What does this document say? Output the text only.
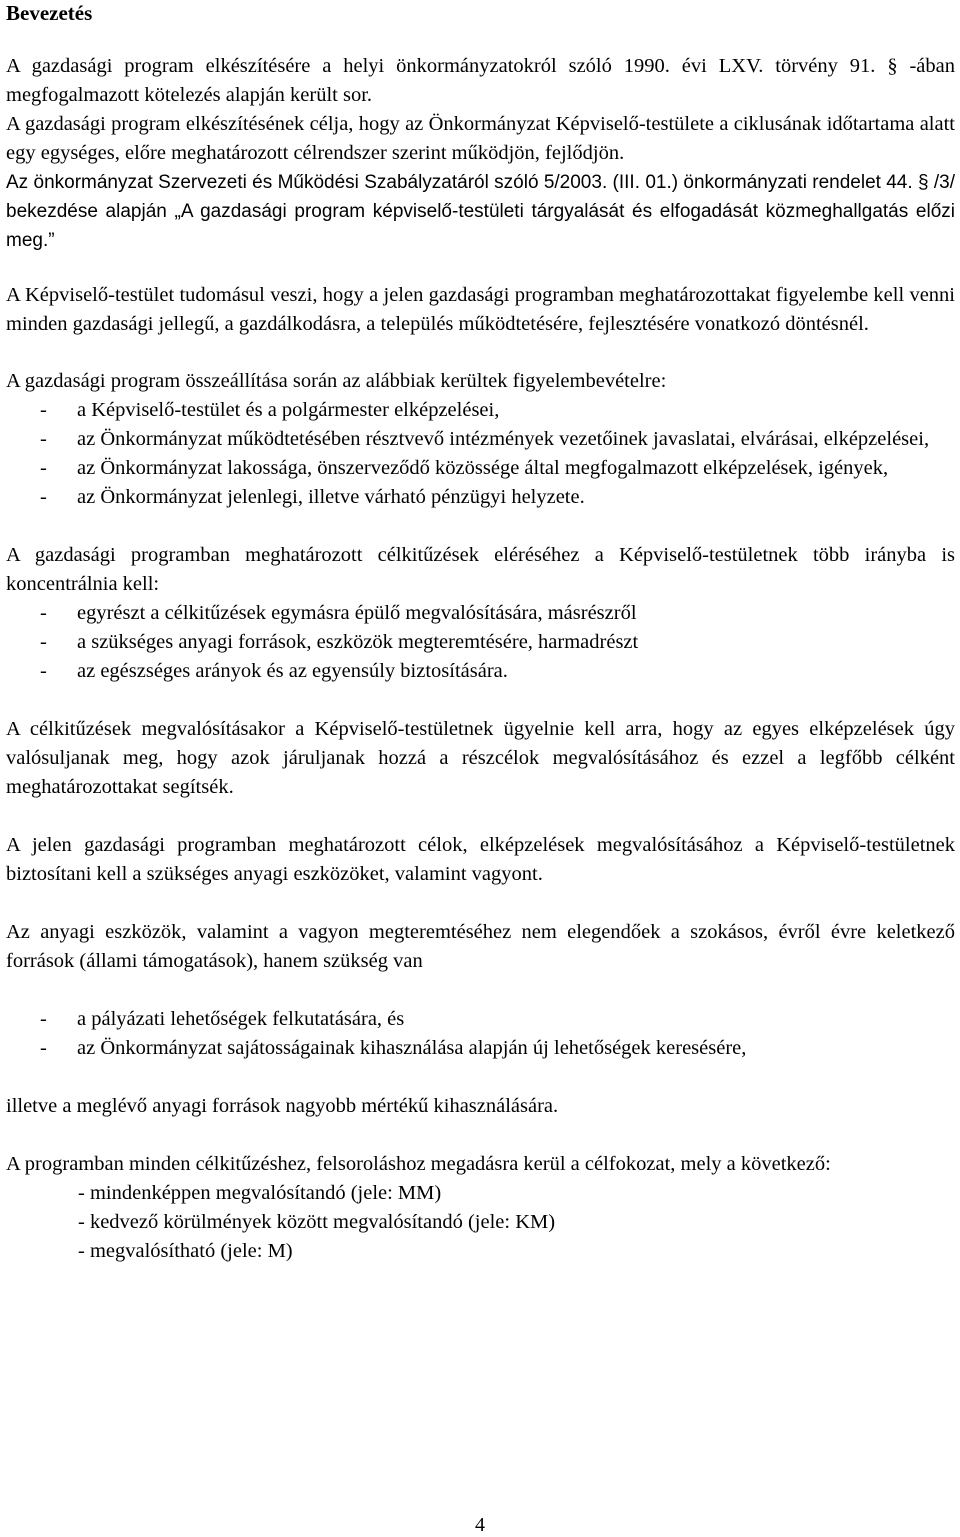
Bevezetés

A gazdasági program elkészítésére a helyi önkormányzatokról szóló 1990. évi LXV. törvény 91. § -ában megfogalmazott kötelezés alapján került sor.

A gazdasági program elkészítésének célja, hogy az Önkormányzat Képviselő-testülete a ciklusának időtartama alatt egy egységes, előre meghatározott célrendszer szerint működjön, fejlődjön.

Az önkormányzat Szervezeti és Működési Szabályzatáról szóló 5/2003. (III. 01.) önkormányzati rendelet 44. § /3/ bekezdése alapján „A gazdasági program képviselő-testületi tárgyalását és elfogadását közmeghallgatás előzi meg.”

A Képviselő-testület tudomásul veszi, hogy a jelen gazdasági programban meghatározottakat figyelembe kell venni minden gazdasági jellegű, a gazdálkodásra, a település működtetésére, fejlesztésére vonatkozó döntésnél.

A gazdasági program összeállítása során az alábbiak kerültek figyelembevételre:

- a Képviselő-testület és a polgármester elképzelései,
- az Önkormányzat működtetésében résztvevő intézmények vezetőinek javaslatai, elvárásai, elképzelései,
- az Önkormányzat lakossága, önszerveződő közössége által megfogalmazott elképzelések, igények,
- az Önkormányzat jelenlegi, illetve várható pénzügyi helyzete.

A gazdasági programban meghatározott célkitűzések eléréséhez a Képviselő-testületnek több irányba is koncentrálnia kell:

- egyrészt a célkitűzések egymásra épülő megvalósítására, másrészről
- a szükséges anyagi források, eszközök megteremtésére, harmadrészt
- az egészséges arányok és az egyensúly biztosítására.

A célkitűzések megvalósításakor a Képviselő-testületnek ügyelnie kell arra, hogy az egyes elképzelések úgy valósuljanak meg, hogy azok járuljanak hozzá a részcélok megvalósításához és ezzel a legfőbb célként meghatározottakat segítsék.

A jelen gazdasági programban meghatározott célok, elképzelések megvalósításához a Képviselő-testületnek biztosítani kell a szükséges anyagi eszközöket, valamint vagyont.

Az anyagi eszközök, valamint a vagyon megteremtéséhez nem elegendőek a szokásos, évről évre keletkező források (állami támogatások), hanem szükség van

- a pályázati lehetőségek felkutatására, és
- az Önkormányzat sajátosságainak kihasználása alapján új lehetőségek keresésére,

illetve a meglévő anyagi források nagyobb mértékű kihasználására.

A programban minden célkitűzéshez, felsoroláshoz megadásra kerül a célfokozat, mely a következő:

- mindenképpen megvalósítandó (jele: MM)
- kedvező körülmények között megvalósítandó (jele: KM)
- megvalósítható (jele: M)
4
